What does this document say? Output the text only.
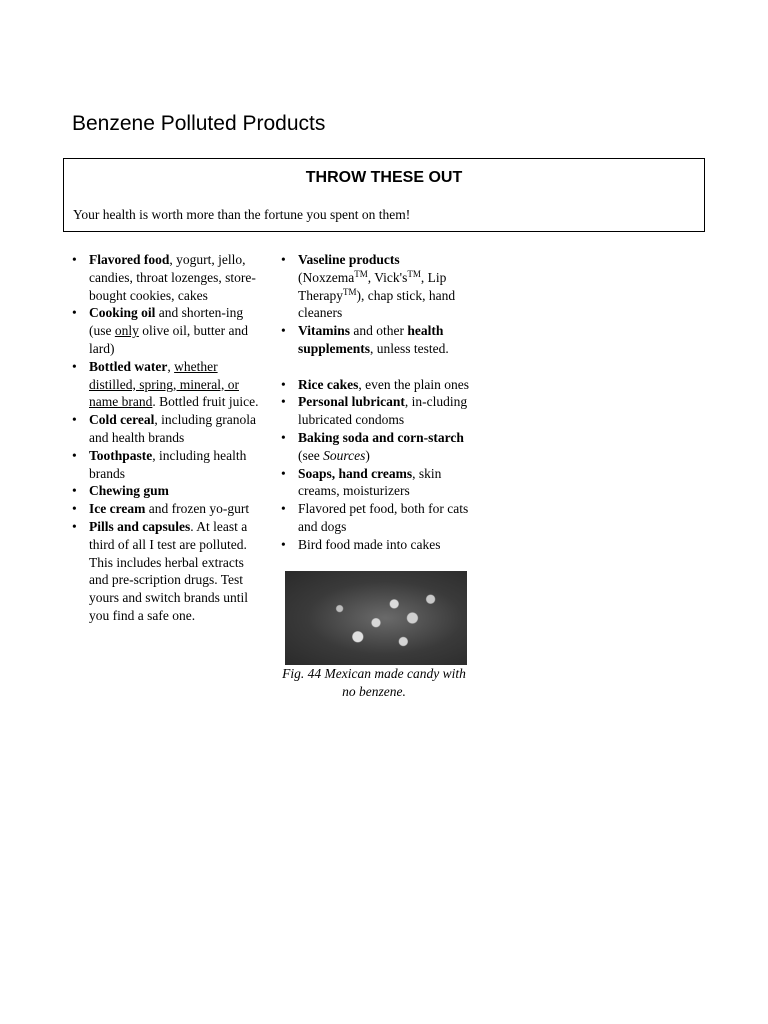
Benzene Polluted Products
THROW THESE OUT
Your health is worth more than the fortune you spent on them!
• Flavored food, yogurt, jello, candies, throat lozenges, store-bought cookies, cakes
• Cooking oil and shorten-ing (use only olive oil, butter and lard)
• Bottled water, whether distilled, spring, mineral, or name brand. Bottled fruit juice.
• Cold cereal, including granola and health brands
• Toothpaste, including health brands
• Chewing gum
• Ice cream and frozen yo-gurt
• Pills and capsules. At least a third of all I test are polluted. This includes herbal extracts and pre-scription drugs. Test yours and switch brands until you find a safe one.
• Vaseline products
(Noxzema™, Vick's™, Lip Therapy™), chap stick, hand cleaners
• Vitamins and other health supplements, unless tested.
• Rice cakes, even the plain ones
• Personal lubricant, in-cluding lubricated condoms
• Baking soda and corn-starch (see Sources)
• Soaps, hand creams, skin creams, moisturizers
• Flavored pet food, both for cats and dogs
• Bird food made into cakes
Fig. 44 Mexican made candy with no benzene.
